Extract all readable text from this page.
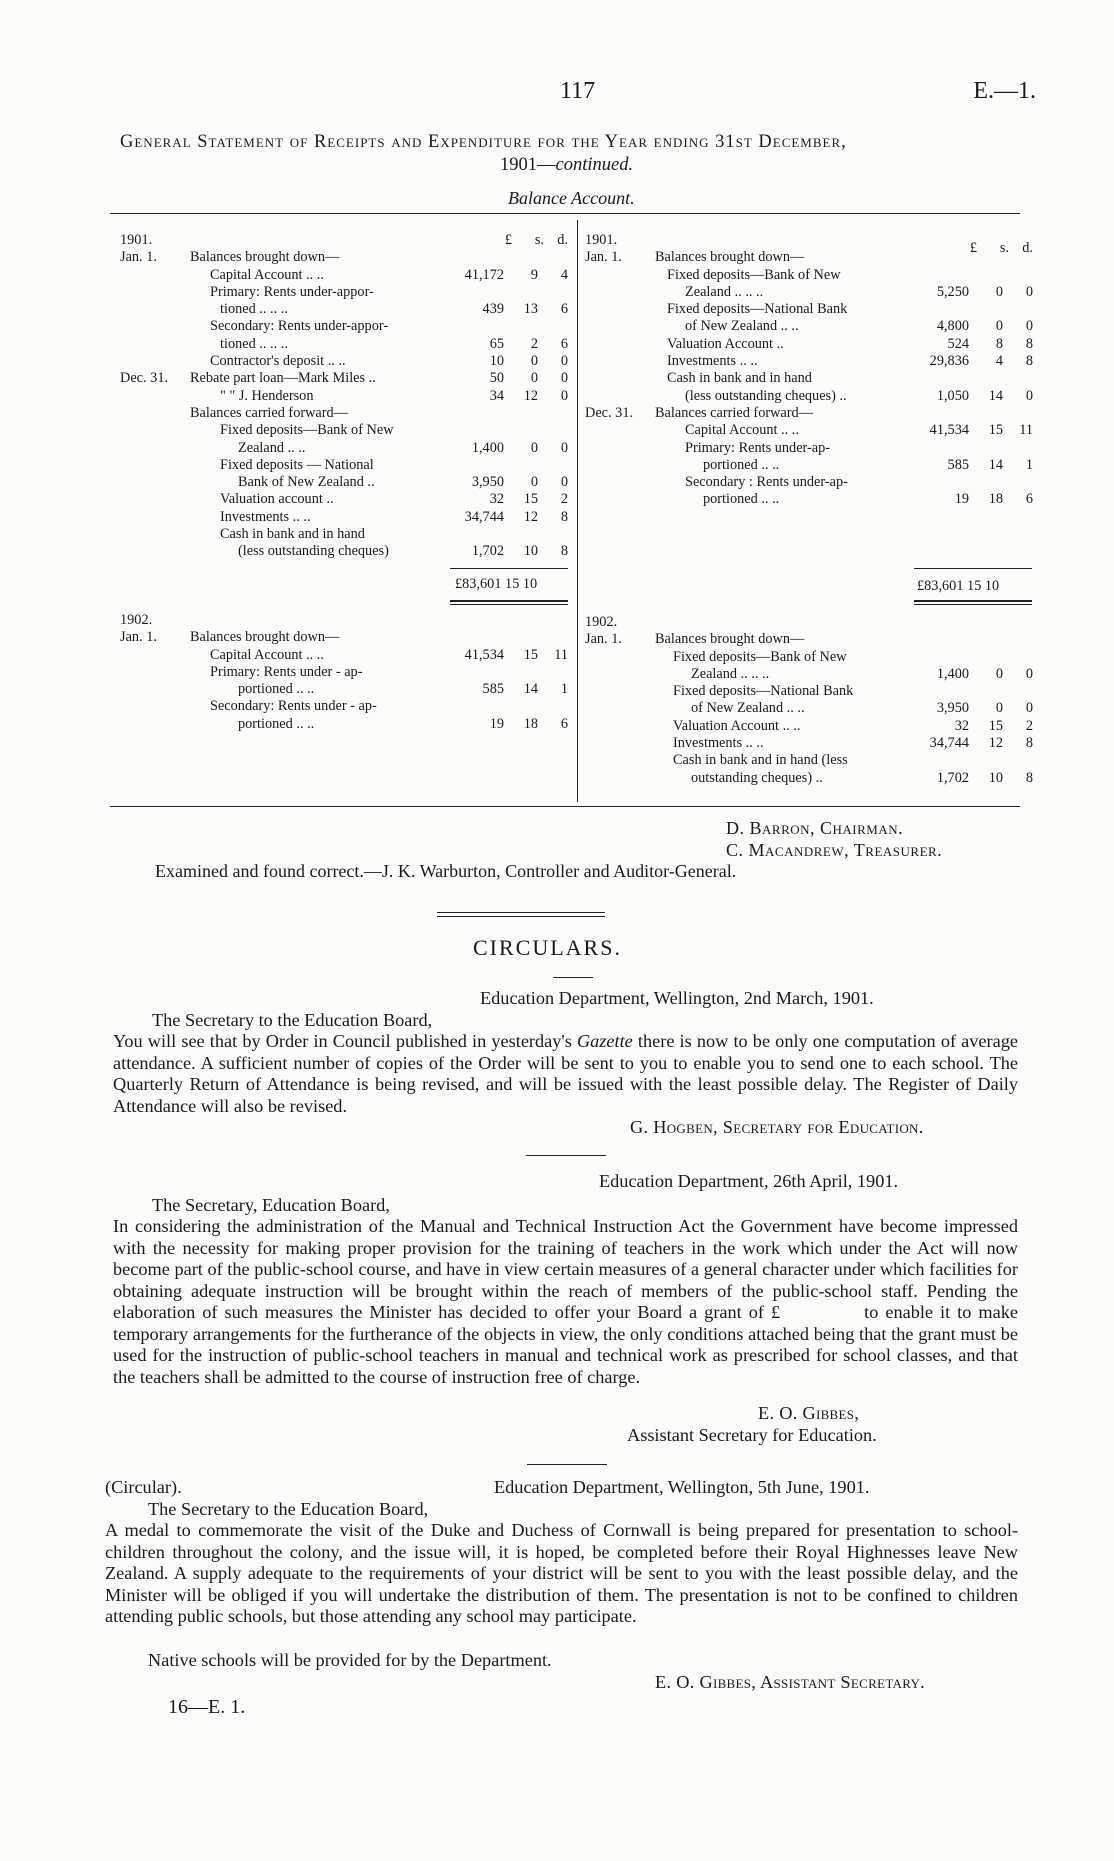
117	E.—1.
General Statement of Receipts and Expenditure for the Year ending 31st December,
1901—continued.
Balance Account.
£	s. d.
1901.
Jan. 1. Balances brought down—
Capital Account .. ..	41,172	9	4
Primary: Rents under-appor-
tioned .. .. ..	439	13	6
Secondary: Rents under-appor-
tioned .. .. ..	65	2	6
Contractor's deposit .. ..	10	0	0
Dec. 31. Rebate part loan—Mark Miles ..	50	0	0
" " J. Henderson	34	12	0
Balances carried forward—
Fixed deposits—Bank of New
Zealand .. ..	1,400	0	0
Fixed deposits — National
Bank of New Zealand ..	3,950	0	0
Valuation account ..	32	15	2
Investments .. ..	34,744	12	8
Cash in bank and in hand
(less outstanding cheques)	1,702	10	8
£	s. d.
1901.
Jan. 1. Balances brought down—
Fixed deposits—Bank of New
Zealand .. .. ..	5,250	0	0
Fixed deposits—National Bank
of New Zealand .. ..	4,800	0	0
Valuation Account ..	524	8	8
Investments .. ..	29,836	4	8
Cash in bank and in hand
(less outstanding cheques) ..	1,050	14	0
Dec. 31. Balances carried forward—
Capital Account .. ..	41,534	15 11
Primary: Rents under-ap-
portioned .. ..	585	14	1
Secondary : Rents under-ap-
portioned .. ..	19	18	6
£83,601 15 10	£83,601 15 10
1902.
Jan. 1. Balances brought down—
Capital Account .. ..	41,534	15 11
Primary: Rents under - ap-
portioned .. ..	585	14	1
Secondary: Rents under - ap-
portioned .. ..	19	18	6
1902.
Jan. 1. Balances brought down—
Fixed deposits—Bank of New
Zealand .. .. ..	1,400	0	0
Fixed deposits—National Bank
of New Zealand .. ..	3,950	0	0
Valuation Account .. ..	32	15	2
Investments .. ..	34,744	12	8
Cash in bank and in hand (less
outstanding cheques) ..	1,702	10	8
D. Barron, Chairman.
C. Macandrew, Treasurer.
Examined and found correct.—J. K. Warburton, Controller and Auditor-General.
CIRCULARS.
Education Department, Wellington, 2nd March, 1901.
The Secretary to the Education Board,

You will see that by Order in Council published in yesterday's Gazette there is now to be only one computation of average attendance. A sufficient number of copies of the Order will be sent to you to enable you to send one to each school. The Quarterly Return of Attendance is being revised, and will be issued with the least possible delay. The Register of Daily Attendance will also be revised.

G. Hogben, Secretary for Education.
Education Department, 26th April, 1901.
The Secretary, Education Board,

In considering the administration of the Manual and Technical Instruction Act the Government have become impressed with the necessity for making proper provision for the training of teachers in the work which under the Act will now become part of the public-school course, and have in view certain measures of a general character under which facilities for obtaining adequate instruction will be brought within the reach of members of the public-school staff. Pending the elaboration of such measures the Minister has decided to offer your Board a grant of £	to enable it to make temporary arrangements for the furtherance of the objects in view, the only conditions attached being that the grant must be used for the instruction of public-school teachers in manual and technical work as prescribed for school classes, and that the teachers shall be admitted to the course of instruction free of charge.

E. O. Gibbes,
Assistant Secretary for Education.
(Circular).	Education Department, Wellington, 5th June, 1901.
The Secretary to the Education Board,
A medal to commemorate the visit of the Duke and Duchess of Cornwall is being prepared for presentation to school-children throughout the colony, and the issue will, it is hoped, be completed before their Royal Highnesses leave New Zealand. A supply adequate to the requirements of your district will be sent to you with the least possible delay, and the Minister will be obliged if you will undertake the distribution of them. The presentation is not to be confined to children attending public schools, but those attending any school may participate.
Native schools will be provided for by the Department.
E. O. Gibbes, Assistant Secretary.
16—E. 1.
